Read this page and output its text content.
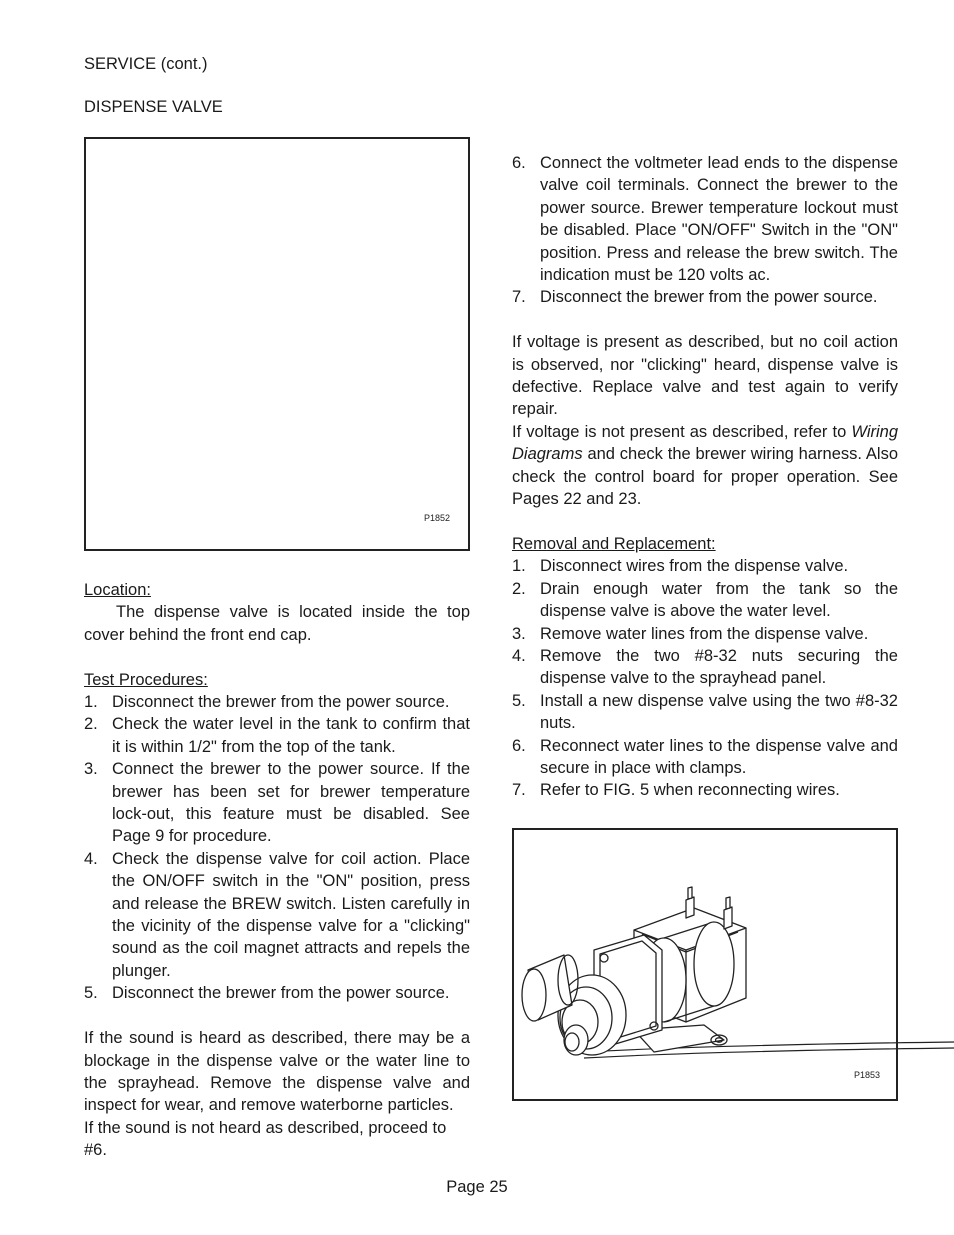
SERVICE (cont.)
DISPENSE VALVE
P1852

Location:

The dispense valve is located inside the top cover behind the front end cap.

Test Procedures:

1. Disconnect the brewer from the power source.
2. Check the water level in the tank to confirm that it is within 1/2" from the top of the tank.
3. Connect the brewer to the power source. If the brewer has been set for brewer temperature lock-out, this feature must be disabled. See Page 9 for procedure.
4. Check the dispense valve for coil action. Place the ON/OFF switch in the "ON" position, press and release the BREW switch. Listen carefully in the vicinity of the dispense valve for a "clicking" sound as the coil magnet attracts and repels the plunger.
5. Disconnect the brewer from the power source.

If the sound is heard as described, there may be a blockage in the dispense valve or the water line to the sprayhead. Remove the dispense valve and inspect for wear, and remove waterborne particles.

If the sound is not heard as described, proceed to #6.

6. Connect the voltmeter lead ends to the dispense valve coil terminals. Connect the brewer to the power source. Brewer temperature lockout must be disabled. Place "ON/OFF" Switch in the "ON" position. Press and release the brew switch. The indication must be 120 volts ac.
7. Disconnect the brewer from the power source.

If voltage is present as described, but no coil action is observed, nor "clicking" heard, dispense valve is defective. Replace valve and test again to verify repair.

If voltage is not present as described, refer to Wiring Diagrams and check the brewer wiring harness. Also check the control board for proper operation. See Pages 22 and 23.

Removal and Replacement:

1. Disconnect wires from the dispense valve.
2. Drain enough water from the tank so the dispense valve is above the water level.
3. Remove water lines from the dispense valve.
4. Remove the two #8-32 nuts securing the dispense valve to the sprayhead panel.
5. Install a new dispense valve using the two #8-32 nuts.
6. Reconnect water lines to the dispense valve and secure in place with clamps.
7. Refer to FIG. 5 when reconnecting wires.
P1853
Page 25
